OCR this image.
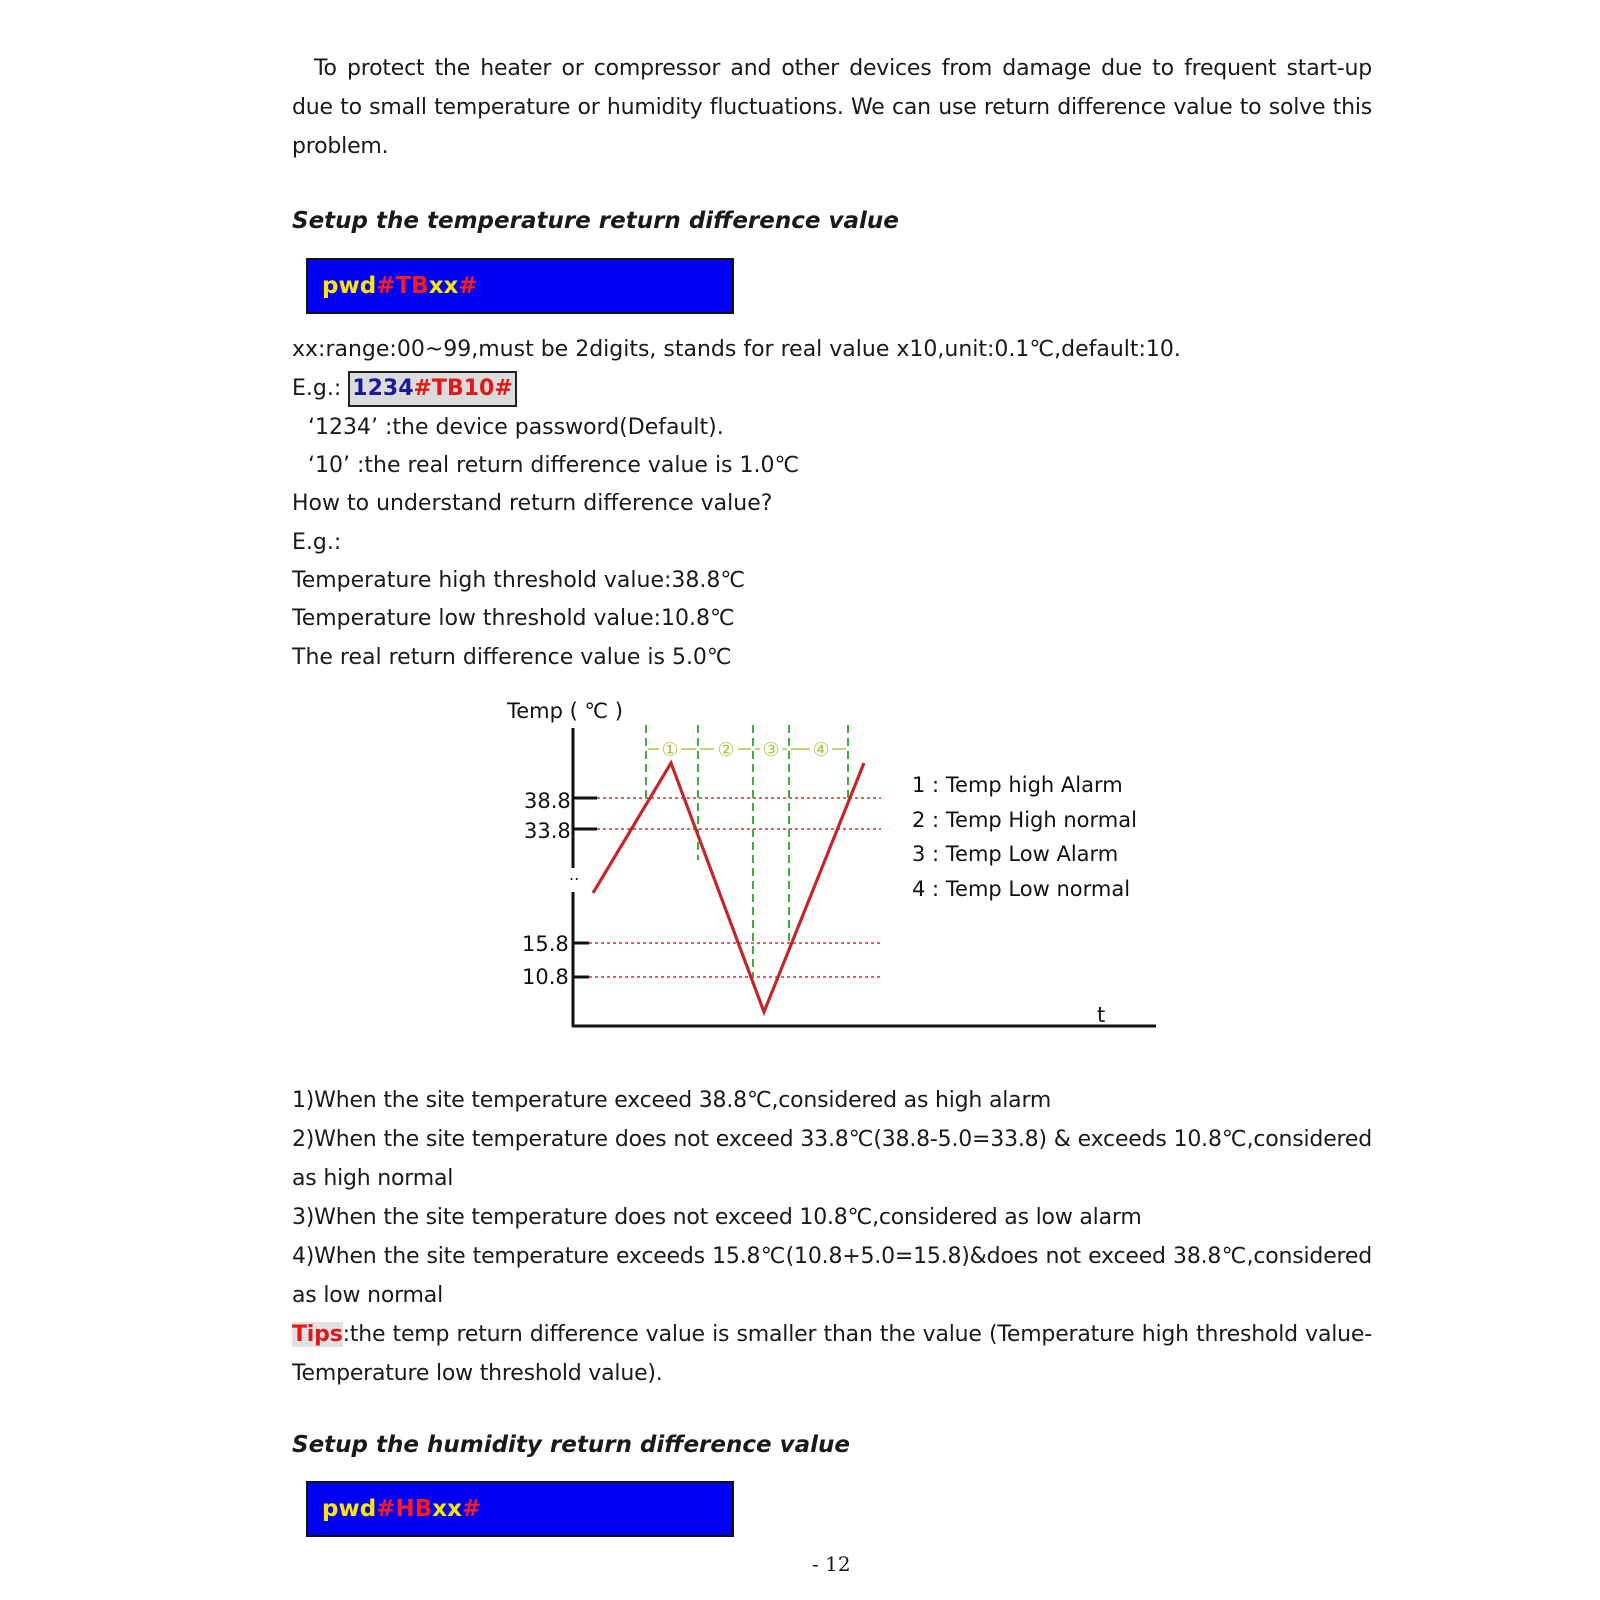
To protect the heater or compressor and other devices from damage due to frequent start-up due to small temperature or humidity fluctuations. We can use return difference value to solve this problem.
Setup the temperature return difference value
pwd#TBxx#
xx:range:00~99,must be 2digits, stands for real value x10,unit:0.1℃,default:10.
E.g.: 1234#TB10#
‘1234’ :the device password(Default).
‘10’ :the real return difference value is 1.0℃
How to understand return difference value?
E.g.:
Temperature high threshold value:38.8℃
Temperature low threshold value:10.8℃
The real return difference value is 5.0℃
Temp ( ℃ )
t
..
38.8
33.8
15.8
10.8
① ② ③ ④
1 : Temp high Alarm
2 : Temp High normal
3 : Temp Low Alarm
4 : Temp Low normal
1)When the site temperature exceed 38.8℃,considered as high alarm
2)When the site temperature does not exceed 33.8℃(38.8-5.0=33.8) & exceeds 10.8℃,considered as high normal
3)When the site temperature does not exceed 10.8℃,considered as low alarm
4)When the site temperature exceeds 15.8℃(10.8+5.0=15.8)&does not exceed 38.8℃,considered as low normal
Tips:the temp return difference value is smaller than the value (Temperature high threshold value-Temperature low threshold value).
Setup the humidity return difference value
pwd#HBxx#
- 12
